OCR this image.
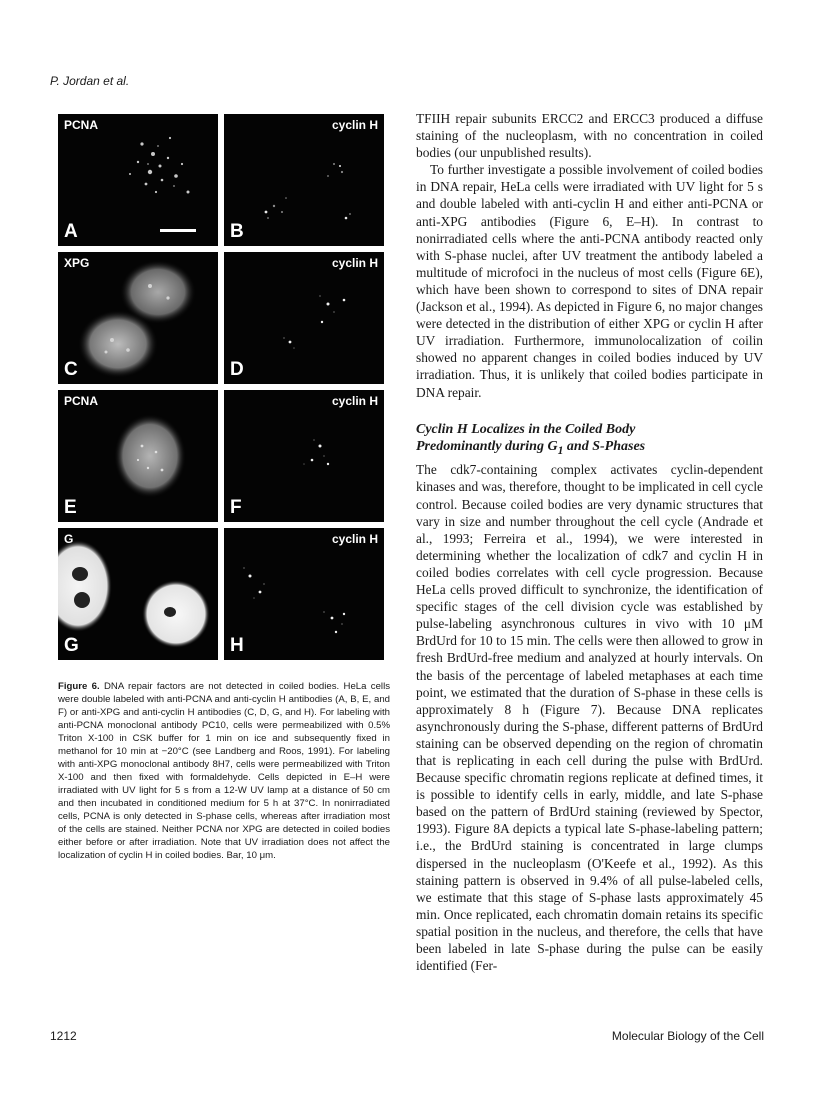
P. Jordan et al.
PCNA
A
cyclin H
B
XPG
C
cyclin H
D
PCNA
E
cyclin H
F
G
G
cyclin H
H
Figure 6. DNA repair factors are not detected in coiled bodies. HeLa cells were double labeled with anti-PCNA and anti-cyclin H antibodies (A, B, E, and F) or anti-XPG and anti-cyclin H antibodies (C, D, G, and H). For labeling with anti-PCNA monoclonal antibody PC10, cells were permeabilized with 0.5% Triton X-100 in CSK buffer for 1 min on ice and subsequently fixed in methanol for 10 min at −20°C (see Landberg and Roos, 1991). For labeling with anti-XPG monoclonal antibody 8H7, cells were permeabilized with Triton X-100 and then fixed with formaldehyde. Cells depicted in E–H were irradiated with UV light for 5 s from a 12-W UV lamp at a distance of 50 cm and then incubated in conditioned medium for 5 h at 37°C. In nonirradiated cells, PCNA is only detected in S-phase cells, whereas after irradiation most of the cells are stained. Neither PCNA nor XPG are detected in coiled bodies either before or after irradiation. Note that UV irradiation does not affect the localization of cyclin H in coiled bodies. Bar, 10 μm.

TFIIH repair subunits ERCC2 and ERCC3 produced a diffuse staining of the nucleoplasm, with no concentration in coiled bodies (our unpublished results).

To further investigate a possible involvement of coiled bodies in DNA repair, HeLa cells were irradiated with UV light for 5 s and double labeled with anti-cyclin H and either anti-PCNA or anti-XPG antibodies (Figure 6, E–H). In contrast to nonirradiated cells where the anti-PCNA antibody reacted only with S-phase nuclei, after UV treatment the antibody labeled a multitude of microfoci in the nucleus of most cells (Figure 6E), which have been shown to correspond to sites of DNA repair (Jackson et al., 1994). As depicted in Figure 6, no major changes were detected in the distribution of either XPG or cyclin H after UV irradiation. Furthermore, immunolocalization of coilin showed no apparent changes in coiled bodies induced by UV irradiation. Thus, it is unlikely that coiled bodies participate in DNA repair.

Cyclin H Localizes in the Coiled Body
Predominantly during $G_1$ and S-Phases

The cdk7-containing complex activates cyclin-dependent kinases and was, therefore, thought to be implicated in cell cycle control. Because coiled bodies are very dynamic structures that vary in size and number throughout the cell cycle (Andrade et al., 1993; Ferreira et al., 1994), we were interested in determining whether the localization of cdk7 and cyclin H in coiled bodies correlates with cell cycle progression. Because HeLa cells proved difficult to synchronize, the identification of specific stages of the cell division cycle was established by pulse-labeling asynchronous cultures in vivo with 10 μM BrdUrd for 10 to 15 min. The cells were then allowed to grow in fresh BrdUrd-free medium and analyzed at hourly intervals. On the basis of the percentage of labeled metaphases at each time point, we estimated that the duration of S-phase in these cells is approximately 8 h (Figure 7). Because DNA replicates asynchronously during the S-phase, different patterns of BrdUrd staining can be observed depending on the region of chromatin that is replicating in each cell during the pulse with BrdUrd. Because specific chromatin regions replicate at defined times, it is possible to identify cells in early, middle, and late S-phase based on the pattern of BrdUrd staining (reviewed by Spector, 1993). Figure 8A depicts a typical late S-phase-labeling pattern; i.e., the BrdUrd staining is concentrated in large clumps dispersed in the nucleoplasm (O'Keefe et al., 1992). As this staining pattern is observed in 9.4% of all pulse-labeled cells, we estimate that this stage of S-phase lasts approximately 45 min. Once replicated, each chromatin domain retains its specific spatial position in the nucleus, and therefore, the cells that have been labeled in late S-phase during the pulse can be easily identified (Fer-

1212	Molecular Biology of the Cell
